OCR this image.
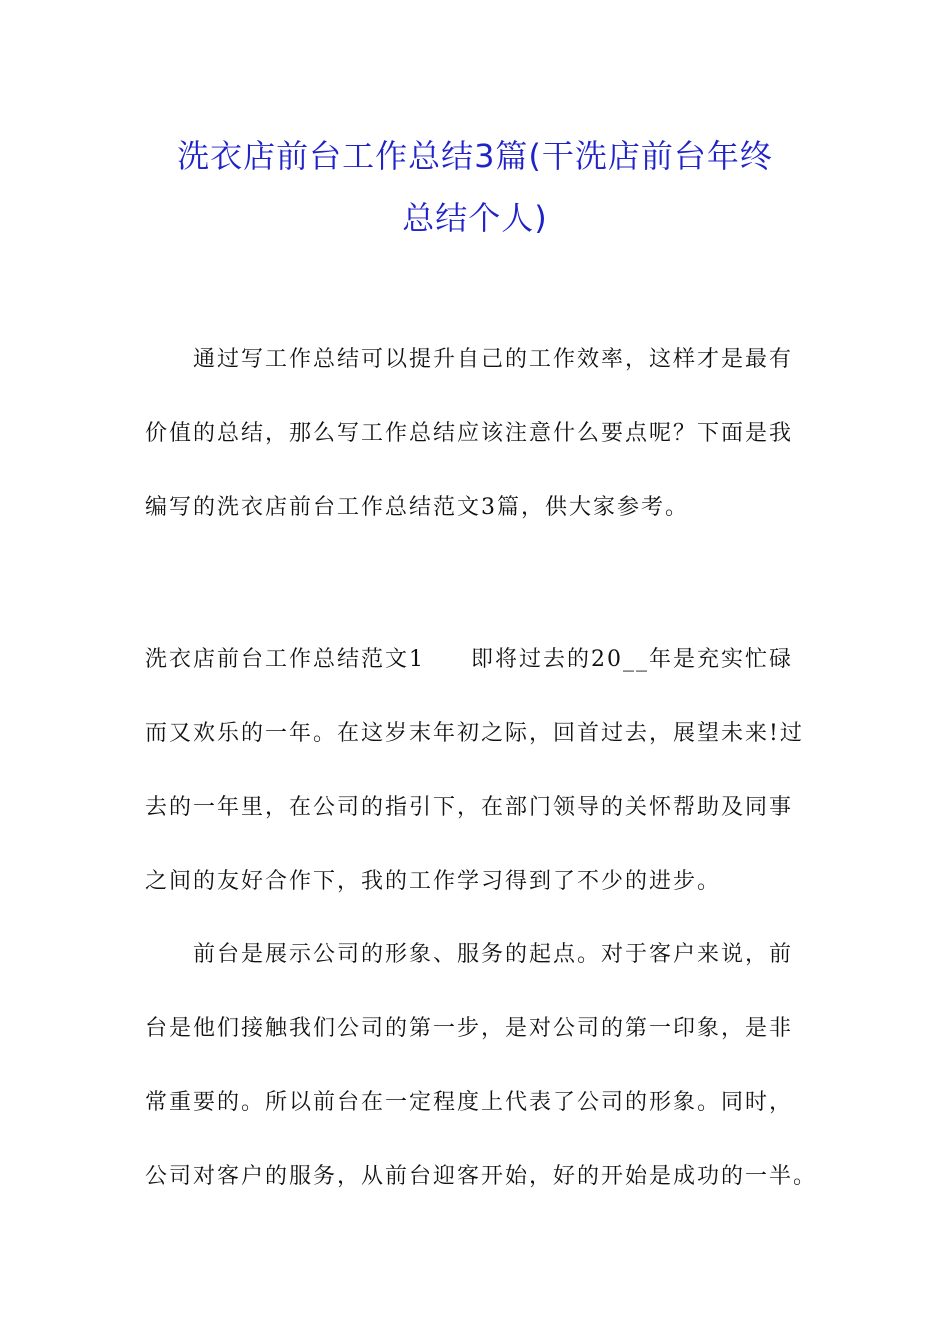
洗衣店前台工作总结3篇(干洗店前台年终
总结个人)
通过写工作总结可以提升自己的工作效率，这样才是最有
价值的总结，那么写工作总结应该注意什么要点呢？下面是我
编写的洗衣店前台工作总结范文3篇，供大家参考。
洗衣店前台工作总结范文1 即将过去的20__年是充实忙碌
而又欢乐的一年。在这岁末年初之际，回首过去，展望未来!过
去的一年里，在公司的指引下，在部门领导的关怀帮助及同事
之间的友好合作下，我的工作学习得到了不少的进步。
前台是展示公司的形象、服务的起点。对于客户来说，前
台是他们接触我们公司的第一步，是对公司的第一印象，是非
常重要的。所以前台在一定程度上代表了公司的形象。同时，
公司对客户的服务，从前台迎客开始，好的开始是成功的一半。
